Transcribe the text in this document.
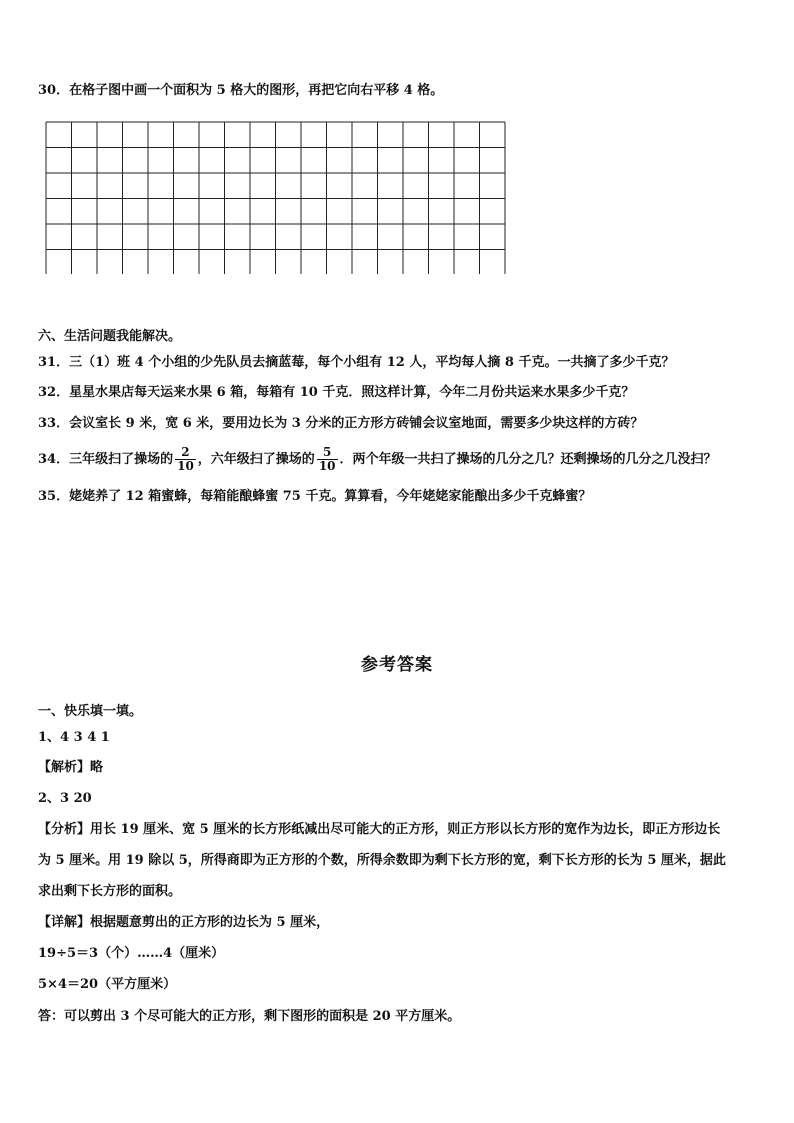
30．在格子图中画一个面积为 5 格大的图形，再把它向右平移 4 格。
六、生活问题我能解决。
31．三（1）班 4 个小组的少先队员去摘蓝莓，每个小组有 12 人，平均每人摘 8 千克。一共摘了多少千克？
32．星星水果店每天运来水果 6 箱，每箱有 10 千克．照这样计算，今年二月份共运来水果多少千克？
33．会议室长 9 米，宽 6 米，要用边长为 3 分米的正方形方砖铺会议室地面，需要多少块这样的方砖？
34．三年级扫了操场的 $\frac{2}{10}$ ，六年级扫了操场的 $\frac{5}{10}$ ．两个年级一共扫了操场的几分之几？还剩操场的几分之几没扫？
35．姥姥养了 12 箱蜜蜂，每箱能酿蜂蜜 75 千克。算算看，今年姥姥家能酿出多少千克蜂蜜？
参考答案
一、快乐填一填。
1、4 3 4 1
【解析】略
2、3 20
【分析】用长 19 厘米、宽 5 厘米的长方形纸减出尽可能大的正方形，则正方形以长方形的宽作为边长，即正方形边长
为 5 厘米。用 19 除以 5，所得商即为正方形的个数，所得余数即为剩下长方形的宽，剩下长方形的长为 5 厘米，据此
求出剩下长方形的面积。
【详解】根据题意剪出的正方形的边长为 5 厘米，
19÷5＝3（个）……4（厘米）
5×4＝20（平方厘米）
答：可以剪出 3 个尽可能大的正方形，剩下图形的面积是 20 平方厘米。
